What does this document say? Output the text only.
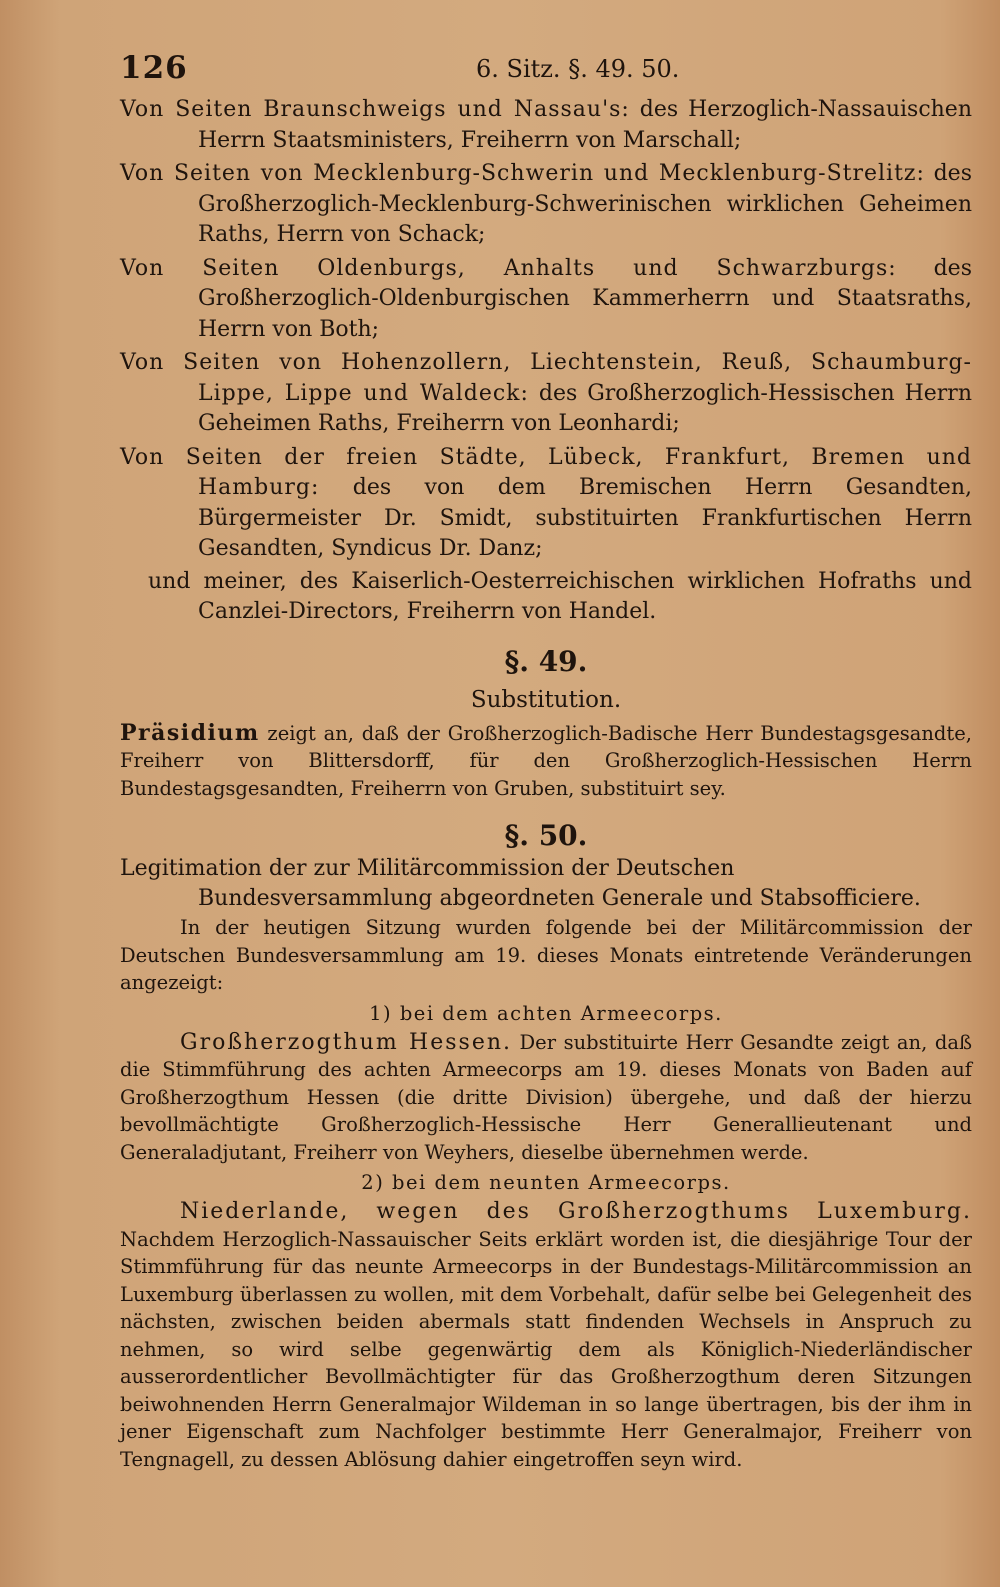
126	6. Sitz. §. 49. 50.
Von Seiten Braunschweigs und Nassau's: des Herzoglich-Nassauischen Herrn Staatsministers, Freiherrn von Marschall;
Von Seiten von Mecklenburg-Schwerin und Mecklenburg-Strelitz: des Großherzoglich-Mecklenburg-Schwerinischen wirklichen Geheimen Raths, Herrn von Schack;
Von Seiten Oldenburgs, Anhalts und Schwarzburgs: des Großherzoglich-Oldenburgischen Kammerherrn und Staatsraths, Herrn von Both;
Von Seiten von Hohenzollern, Liechtenstein, Reuß, Schaumburg-Lippe, Lippe und Waldeck: des Großherzoglich-Hessischen Herrn Geheimen Raths, Freiherrn von Leonhardi;
Von Seiten der freien Städte, Lübeck, Frankfurt, Bremen und Hamburg: des von dem Bremischen Herrn Gesandten, Bürgermeister Dr. Smidt, substituirten Frankfurtischen Herrn Gesandten, Syndicus Dr. Danz;
und meiner, des Kaiserlich-Oesterreichischen wirklichen Hofraths und Canzlei-Directors, Freiherrn von Handel.
§. 49.
Substitution.
Präsidium zeigt an, daß der Großherzoglich-Badische Herr Bundestagsgesandte, Freiherr von Blittersdorff, für den Großherzoglich-Hessischen Herrn Bundestagsgesandten, Freiherrn von Gruben, substituirt sey.
§. 50.
Legitimation der zur Militärcommission der Deutschen Bundesversammlung abgeordneten Generale und Stabsofficiere.
In der heutigen Sitzung wurden folgende bei der Militärcommission der Deutschen Bundesversammlung am 19. dieses Monats eintretende Veränderungen angezeigt:
1) bei dem achten Armeecorps.
Großherzogthum Hessen. Der substituirte Herr Gesandte zeigt an, daß die Stimmführung des achten Armeecorps am 19. dieses Monats von Baden auf Großherzogthum Hessen (die dritte Division) übergehe, und daß der hierzu bevollmächtigte Großherzoglich-Hessische Herr Generallieutenant und Generaladjutant, Freiherr von Weyhers, dieselbe übernehmen werde.
2) bei dem neunten Armeecorps.
Niederlande, wegen des Großherzogthums Luxemburg. Nachdem Herzoglich-Nassauischer Seits erklärt worden ist, die diesjährige Tour der Stimmführung für das neunte Armeecorps in der Bundestags-Militärcommission an Luxemburg überlassen zu wollen, mit dem Vorbehalt, dafür selbe bei Gelegenheit des nächsten, zwischen beiden abermals statt findenden Wechsels in Anspruch zu nehmen, so wird selbe gegenwärtig dem als Königlich-Niederländischer ausserordentlicher Bevollmächtigter für das Großherzogthum deren Sitzungen beiwohnenden Herrn Generalmajor Wildeman in so lange übertragen, bis der ihm in jener Eigenschaft zum Nachfolger bestimmte Herr Generalmajor, Freiherr von Tengnagell, zu dessen Ablösung dahier eingetroffen seyn wird.
